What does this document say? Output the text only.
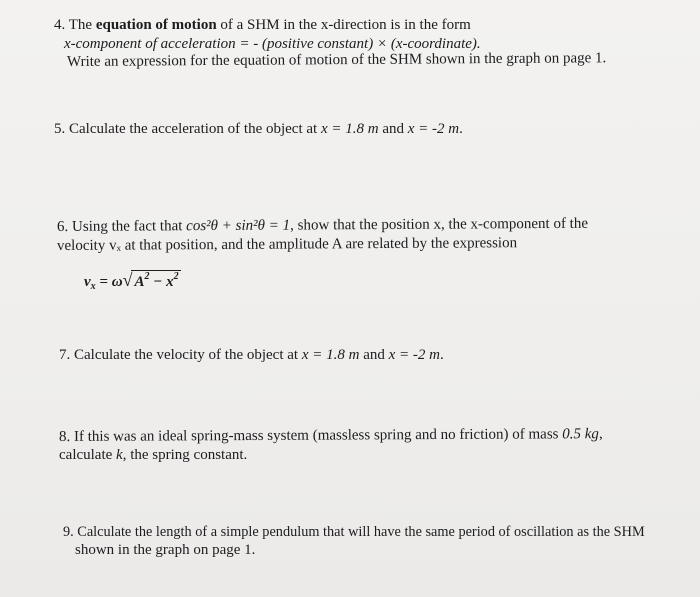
4. The equation of motion of a SHM in the x-direction is in the form
x-component of acceleration = - (positive constant) × (x-coordinate).
Write an expression for the equation of motion of the SHM shown in the graph on page 1.
5. Calculate the acceleration of the object at x = 1.8 m and x = -2 m.
6. Using the fact that cos²θ + sin²θ = 1, show that the position x, the x-component of the
velocity vₓ at that position, and the amplitude A are related by the expression
$v_x = \omega√$ $A^2 - x^2$
7. Calculate the velocity of the object at x = 1.8 m and x = -2 m.
8. If this was an ideal spring-mass system (massless spring and no friction) of mass 0.5 kg,
calculate k, the spring constant.
9. Calculate the length of a simple pendulum that will have the same period of oscillation as the SHM
shown in the graph on page 1.
